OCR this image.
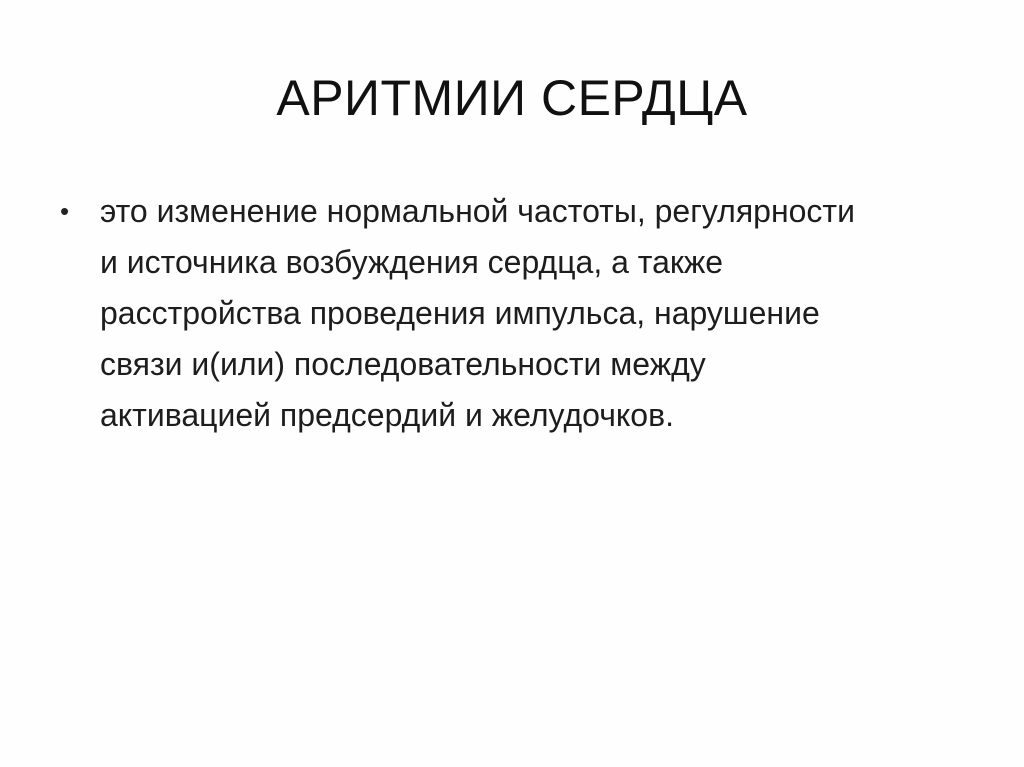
АРИТМИИ СЕРДЦА
• это изменение нормальной частоты, регулярности
и источника возбуждения сердца, а также
расстройства проведения импульса, нарушение
связи и(или) последовательности между
активацией предсердий и желудочков.
